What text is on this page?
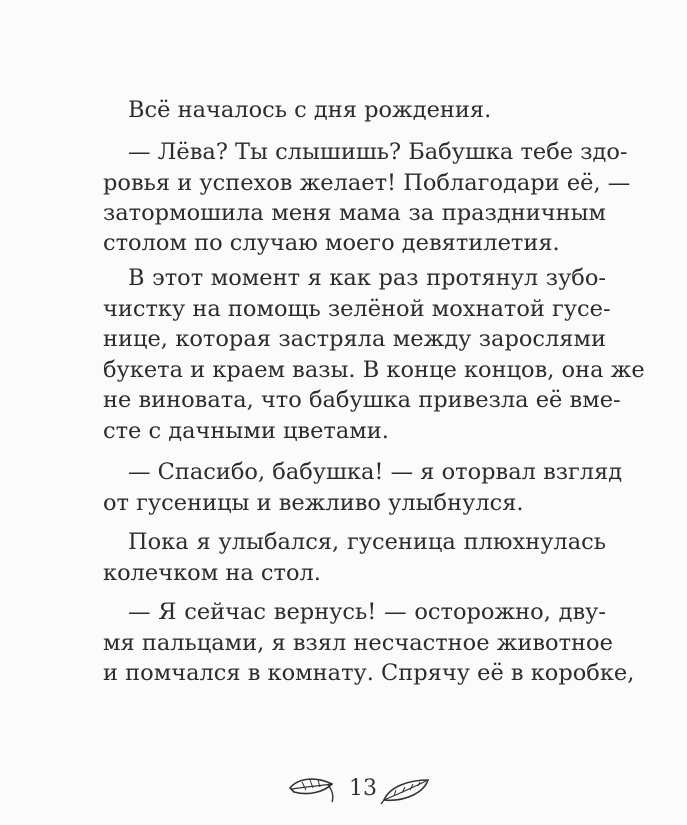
Всё началось с дня рождения.
— Лёва? Ты слышишь? Бабушка тебе здо-
ровья и успехов желает! Поблагодари её, —
затормошила меня мама за праздничным
столом по случаю моего девятилетия.
В этот момент я как раз протянул зубо-
чистку на помощь зелёной мохнатой гусе-
нице, которая застряла между зарослями
букета и краем вазы. В конце концов, она же
не виновата, что бабушка привезла её вме-
сте с дачными цветами.
— Спасибо, бабушка! — я оторвал взгляд
от гусеницы и вежливо улыбнулся.
Пока я улыбался, гусеница плюхнулась
колечком на стол.
— Я сейчас вернусь! — осторожно, дву-
мя пальцами, я взял несчастное животное
и помчался в комнату. Спрячу её в коробке,
13
